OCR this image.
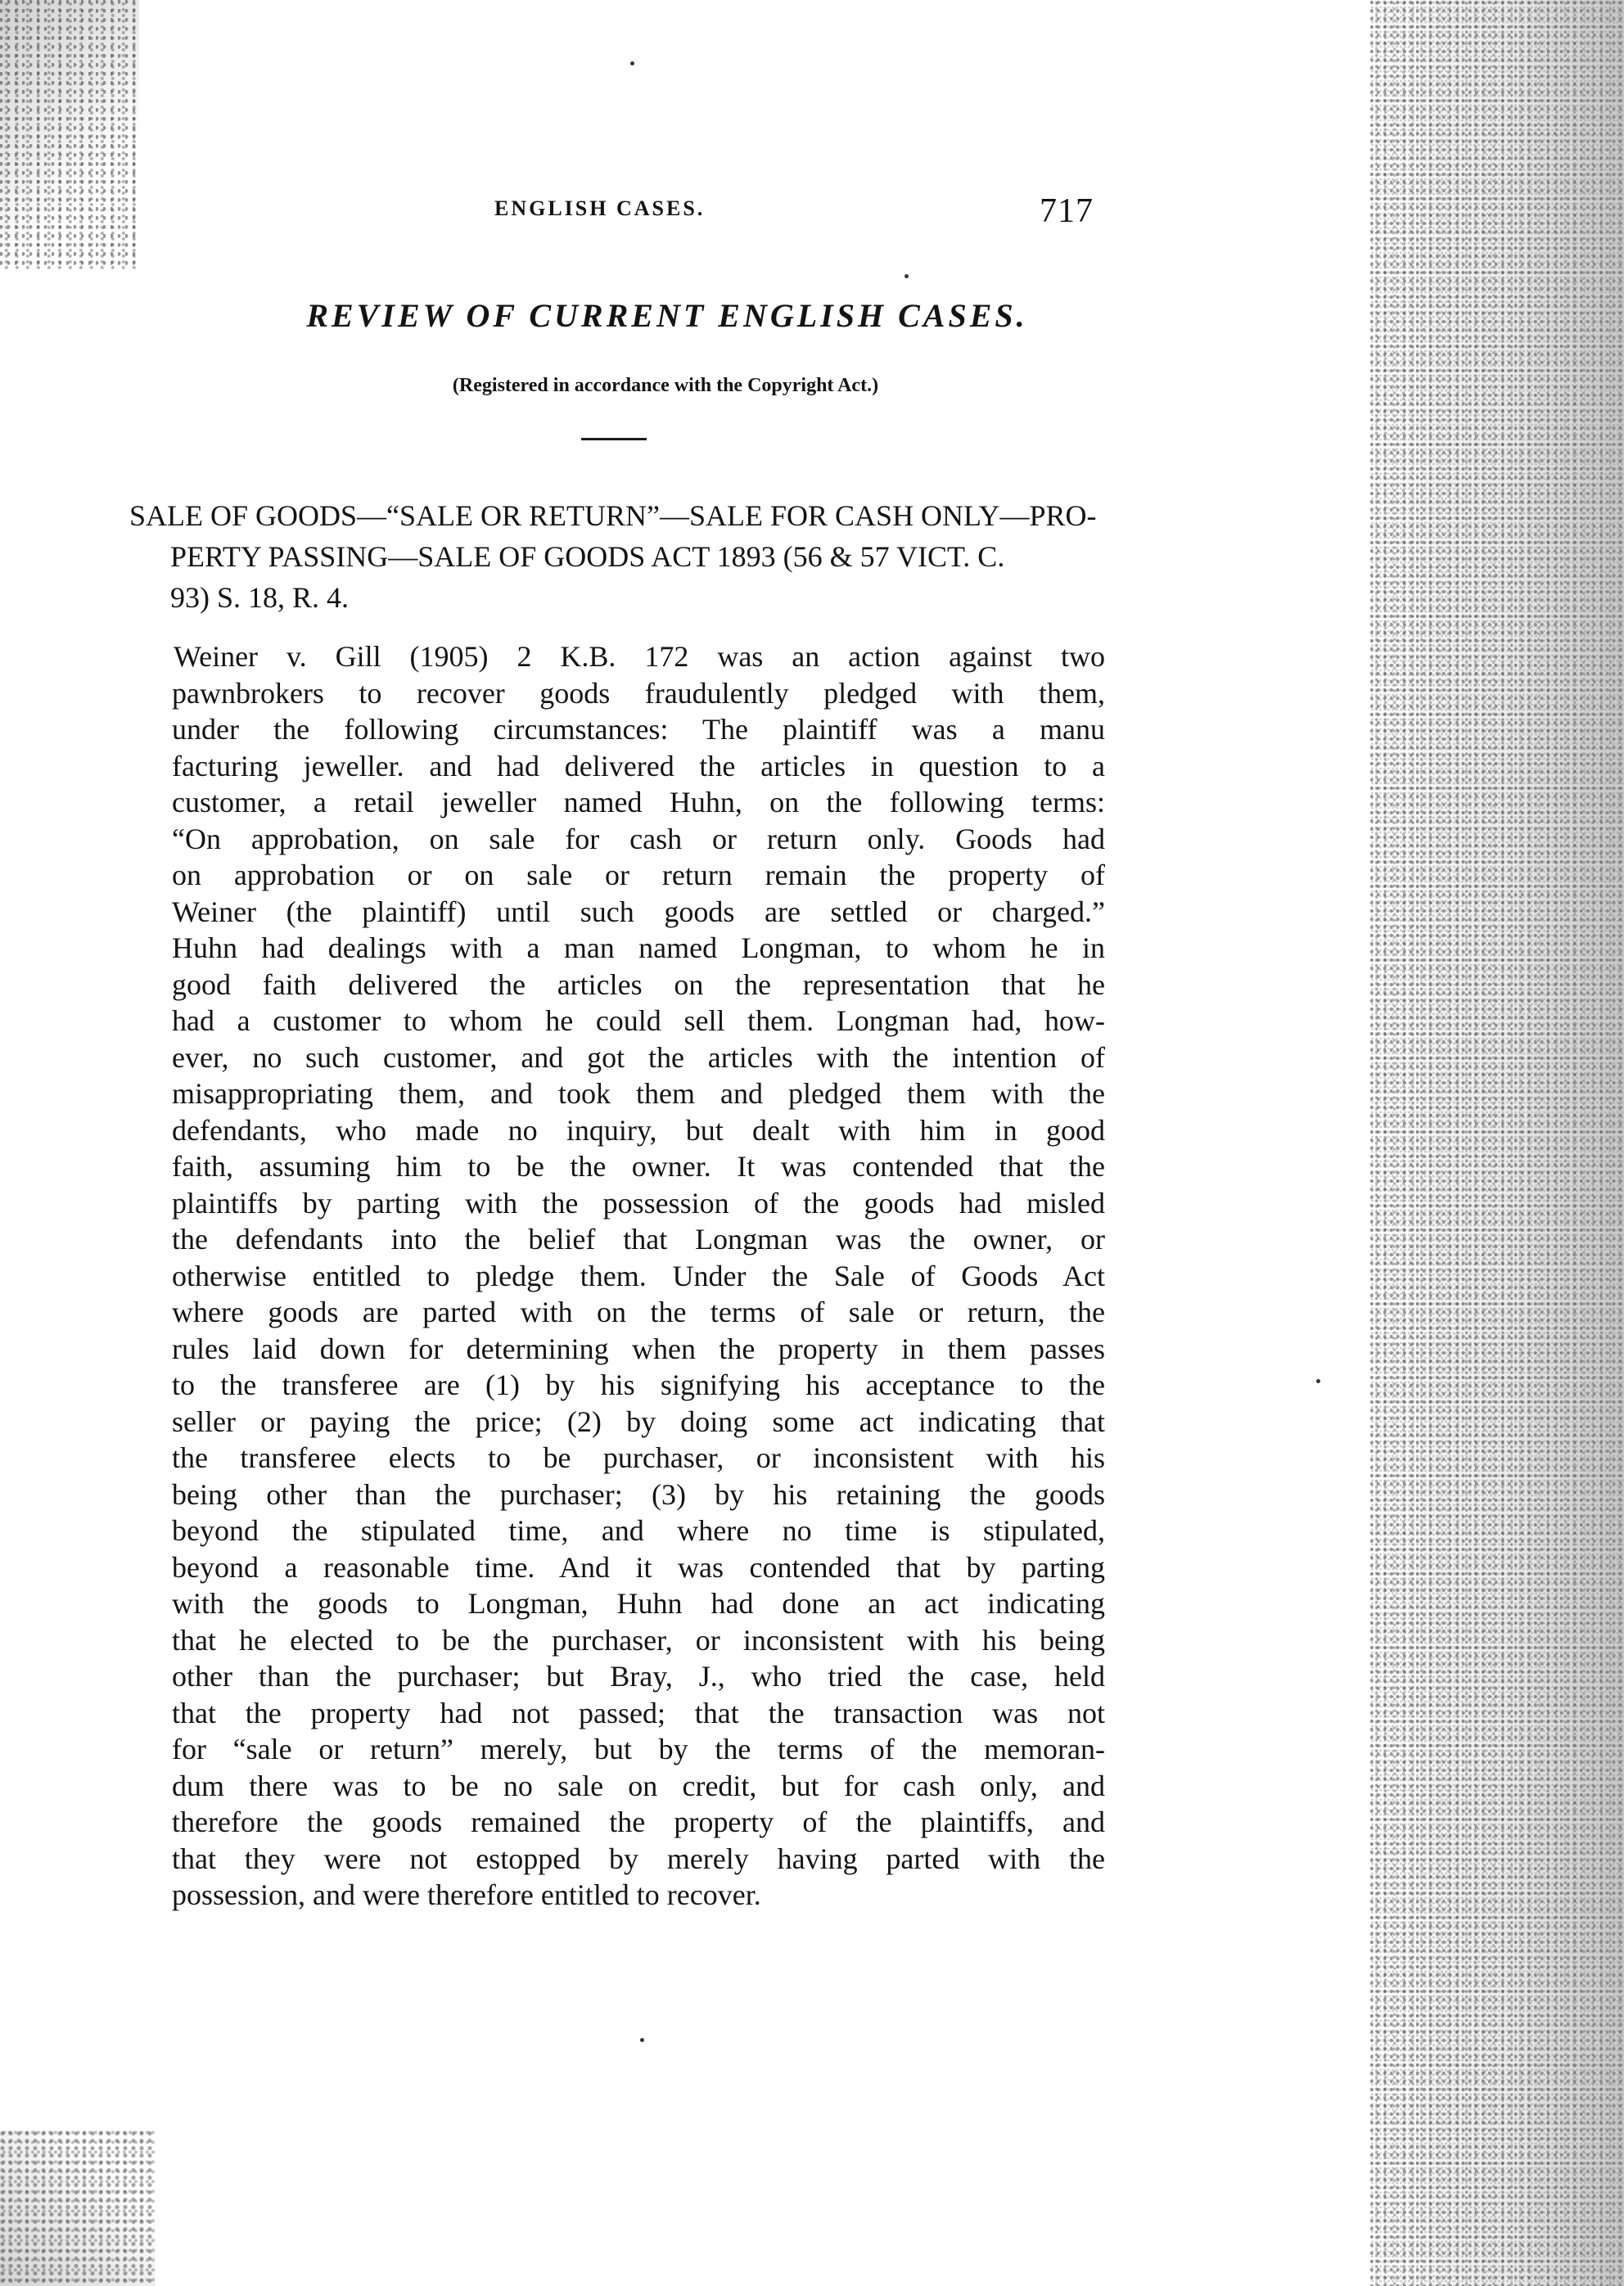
ENGLISH CASES.	717
REVIEW OF CURRENT ENGLISH CASES.
(Registered in accordance with the Copyright Act.)
SALE OF GOODS—“SALE OR RETURN”—SALE FOR CASH ONLY—PRO-
PERTY PASSING—SALE OF GOODS ACT 1893 (56 & 57 VICT. C.
93) S. 18, R. 4.
Weiner v. Gill (1905) 2 K.B. 172 was an action against two
pawnbrokers to recover goods fraudulently pledged with them,
under the following circumstances: The plaintiff was a manu
facturing jeweller. and had delivered the articles in question to a
customer, a retail jeweller named Huhn, on the following terms:
“On approbation, on sale for cash or return only. Goods had
on approbation or on sale or return remain the property of
Weiner (the plaintiff) until such goods are settled or charged.”
Huhn had dealings with a man named Longman, to whom he in
good faith delivered the articles on the representation that he
had a customer to whom he could sell them. Longman had, how-
ever, no such customer, and got the articles with the intention of
misappropriating them, and took them and pledged them with the
defendants, who made no inquiry, but dealt with him in good
faith, assuming him to be the owner. It was contended that the
plaintiffs by parting with the possession of the goods had misled
the defendants into the belief that Longman was the owner, or
otherwise entitled to pledge them. Under the Sale of Goods Act
where goods are parted with on the terms of sale or return, the
rules laid down for determining when the property in them passes
to the transferee are (1) by his signifying his acceptance to the
seller or paying the price; (2) by doing some act indicating that
the transferee elects to be purchaser, or inconsistent with his
being other than the purchaser; (3) by his retaining the goods
beyond the stipulated time, and where no time is stipulated,
beyond a reasonable time. And it was contended that by parting
with the goods to Longman, Huhn had done an act indicating
that he elected to be the purchaser, or inconsistent with his being
other than the purchaser; but Bray, J., who tried the case, held
that the property had not passed; that the transaction was not
for “sale or return” merely, but by the terms of the memoran-
dum there was to be no sale on credit, but for cash only, and
therefore the goods remained the property of the plaintiffs, and
that they were not estopped by merely having parted with the
possession, and were therefore entitled to recover.
